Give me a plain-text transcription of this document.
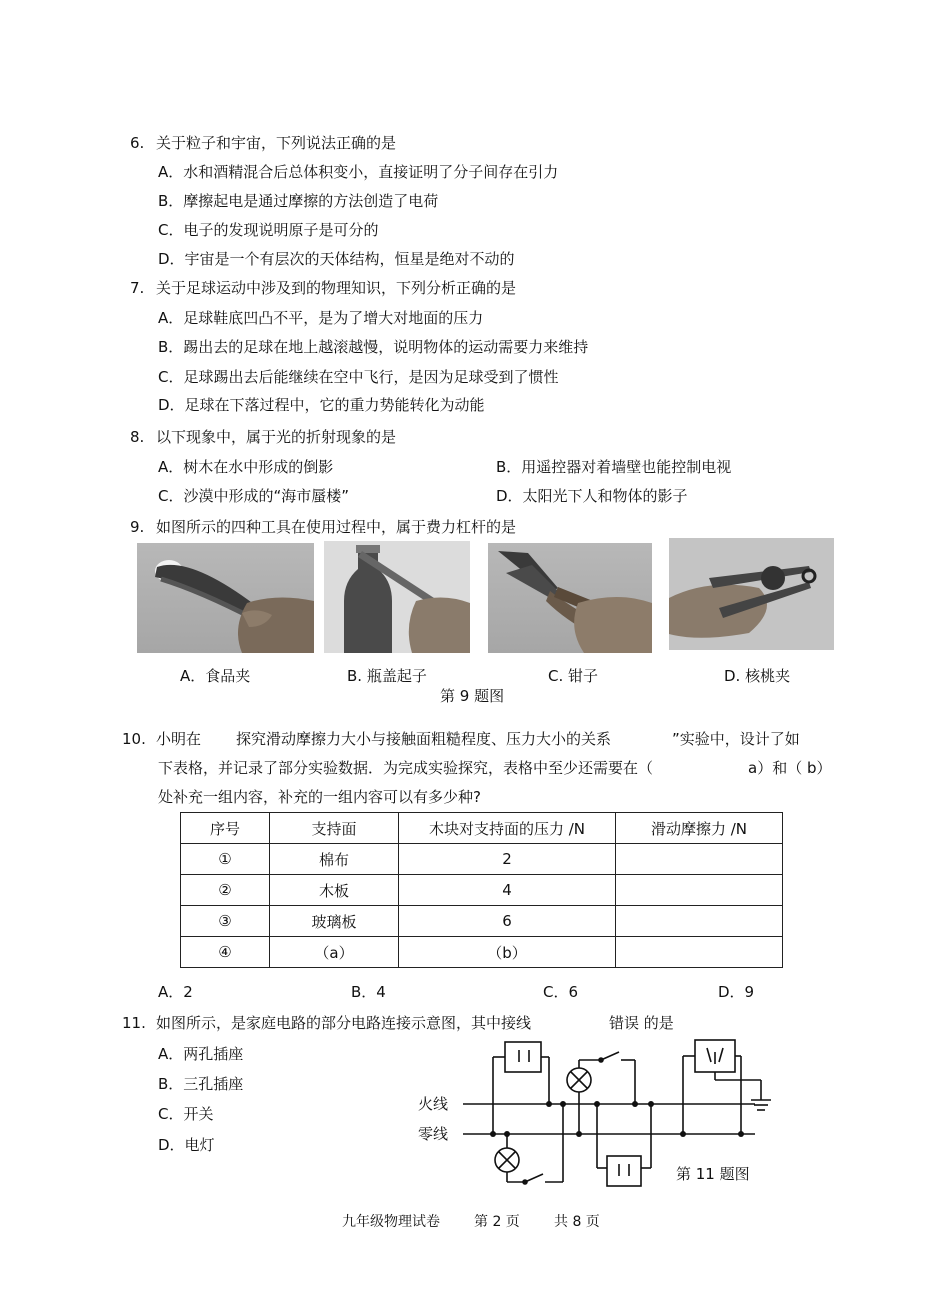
6. 关于粒子和宇宙，下列说法正确的是
A．水和酒精混合后总体积变小，直接证明了分子间存在引力
B．摩擦起电是通过摩擦的方法创造了电荷
C．电子的发现说明原子是可分的
D．宇宙是一个有层次的天体结构，恒星是绝对不动的
7. 关于足球运动中涉及到的物理知识，下列分析正确的是
A．足球鞋底凹凸不平，是为了增大对地面的压力
B．踢出去的足球在地上越滚越慢，说明物体的运动需要力来维持
C．足球踢出去后能继续在空中飞行，是因为足球受到了惯性
D．足球在下落过程中，它的重力势能转化为动能
8. 以下现象中，属于光的折射现象的是
A．树木在水中形成的倒影	B．用遥控器对着墙壁也能控制电视
C．沙漠中形成的“海市蜃楼”	D．太阳光下人和物体的影子
9. 如图所示的四种工具在使用过程中，属于费力杠杆的是
A．食品夹	B. 瓶盖起子	C. 钳子	D. 核桃夹
第 9 题图
10. 小明在 探究滑动摩擦力大小与接触面粗糙程度、压力大小的关系	”实验中，设计了如
下表格，并记录了部分实验数据．为完成实验探究，表格中至少还需要在（	a）和（ b）
处补充一组内容，补充的一组内容可以有多少种?
序号	支持面	木块对支持面的压力 /N	滑动摩擦力 /N
①	棉布	2	
②	木板	4	
③	玻璃板	6	
④	（a）	（b）	
A．2	B．4	C．6	D．9
11. 如图所示，是家庭电路的部分电路连接示意图，其中接线	错误 的是
A．两孔插座
B．三孔插座
C．开关
D．电灯
火线
零线
第 11 题图
九年级物理试卷 第 2 页 共 8 页
